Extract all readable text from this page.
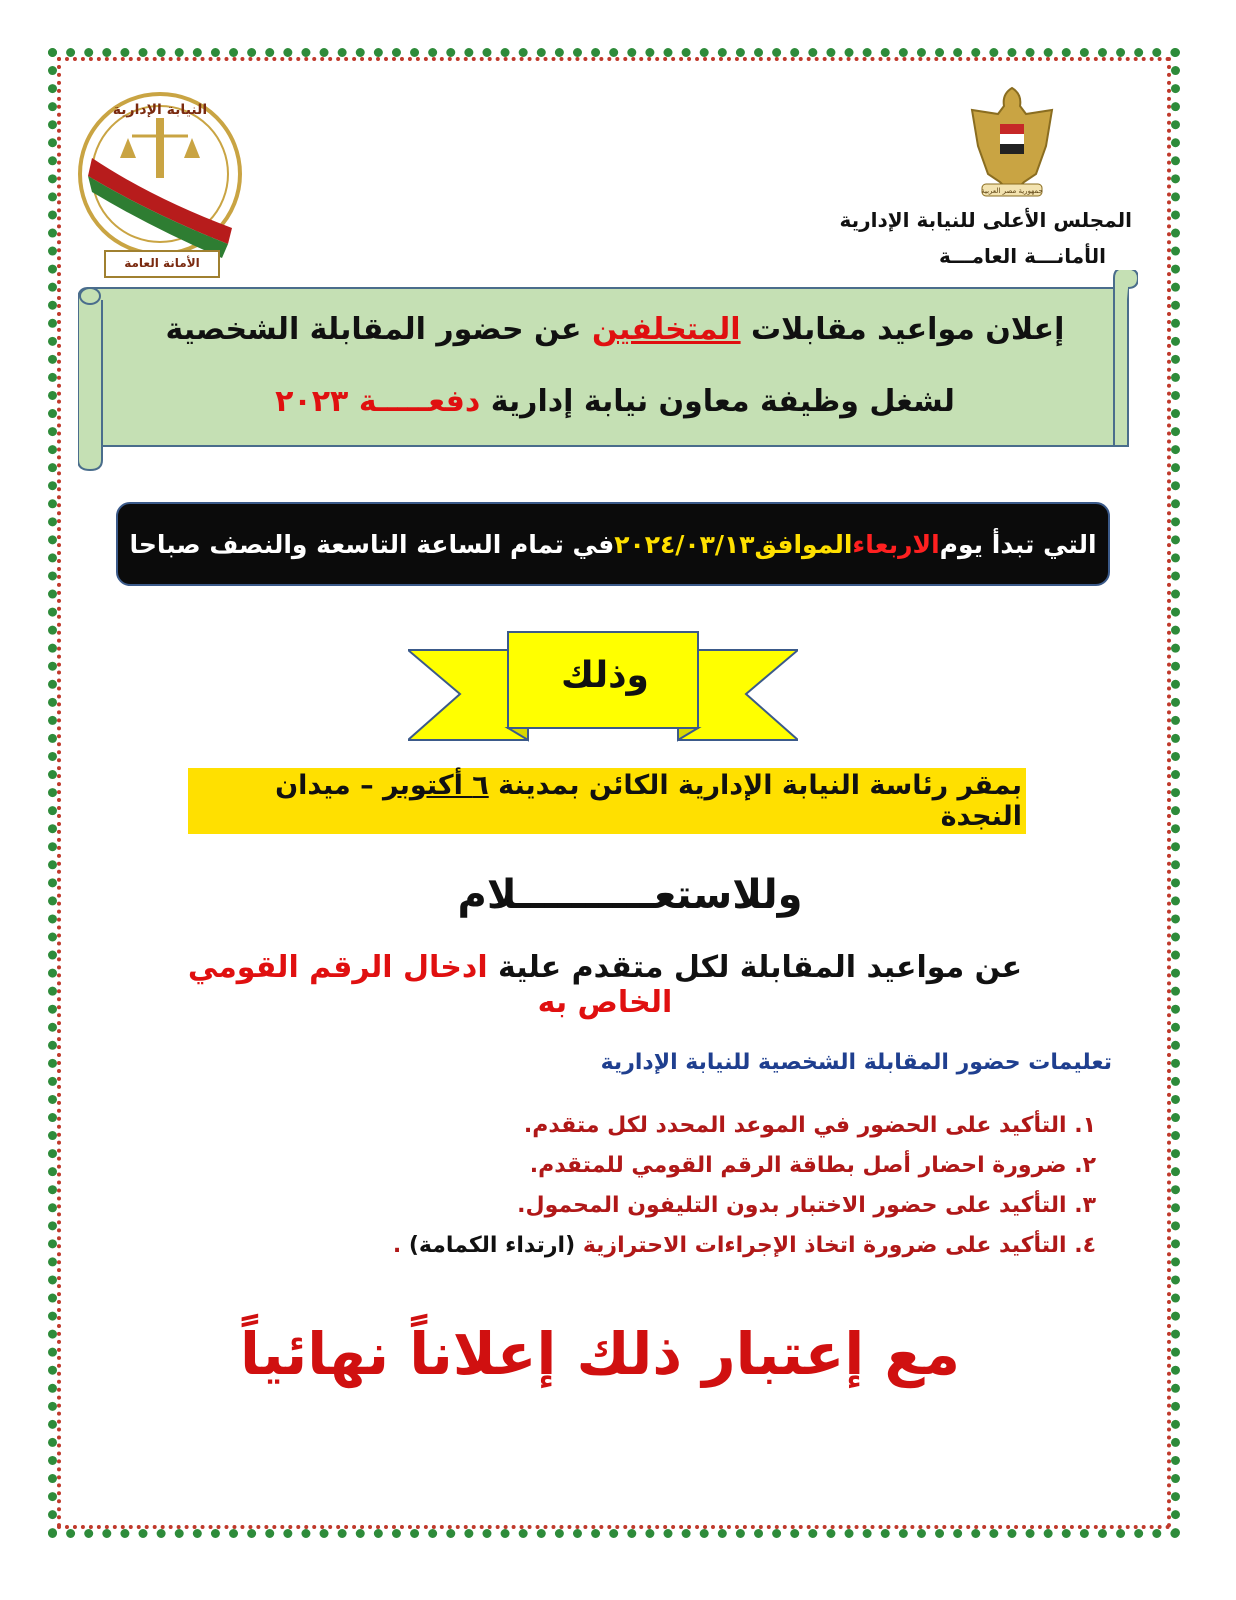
النيابة الإدارية
الأمانة العامة
جمهورية مصر العربية
المجلس الأعلى للنيابة الإدارية
الأمانـــة العامـــة
إعلان مواعيد مقابلات المتخلفين عن حضور المقابلة الشخصية
لشغل وظيفة معاون نيابة إدارية دفعـــــة ٢٠٢٣
التي تبدأ يوم
الاربعاء
الموافق
٢٠٢٤/٠٣/١٣
في تمام الساعة التاسعة والنصف صباحا
وذلك
بمقر رئاسة النيابة الإدارية الكائن بمدينة ٦ أكتوبر – ميدان النجدة
وللاستعــــــــــلام
عن مواعيد المقابلة لكل متقدم علية ادخال الرقم القومي الخاص به
تعليمات حضور المقابلة الشخصية للنيابة الإدارية
١. التأكيد على الحضور في الموعد المحدد لكل متقدم.
٢. ضرورة احضار أصل بطاقة الرقم القومي للمتقدم.
٣. التأكيد على حضور الاختبار بدون التليفون المحمول.
٤. التأكيد على ضرورة اتخاذ الإجراءات الاحترازية (ارتداء الكمامة) .
مع إعتبار ذلك إعلاناً نهائياً
